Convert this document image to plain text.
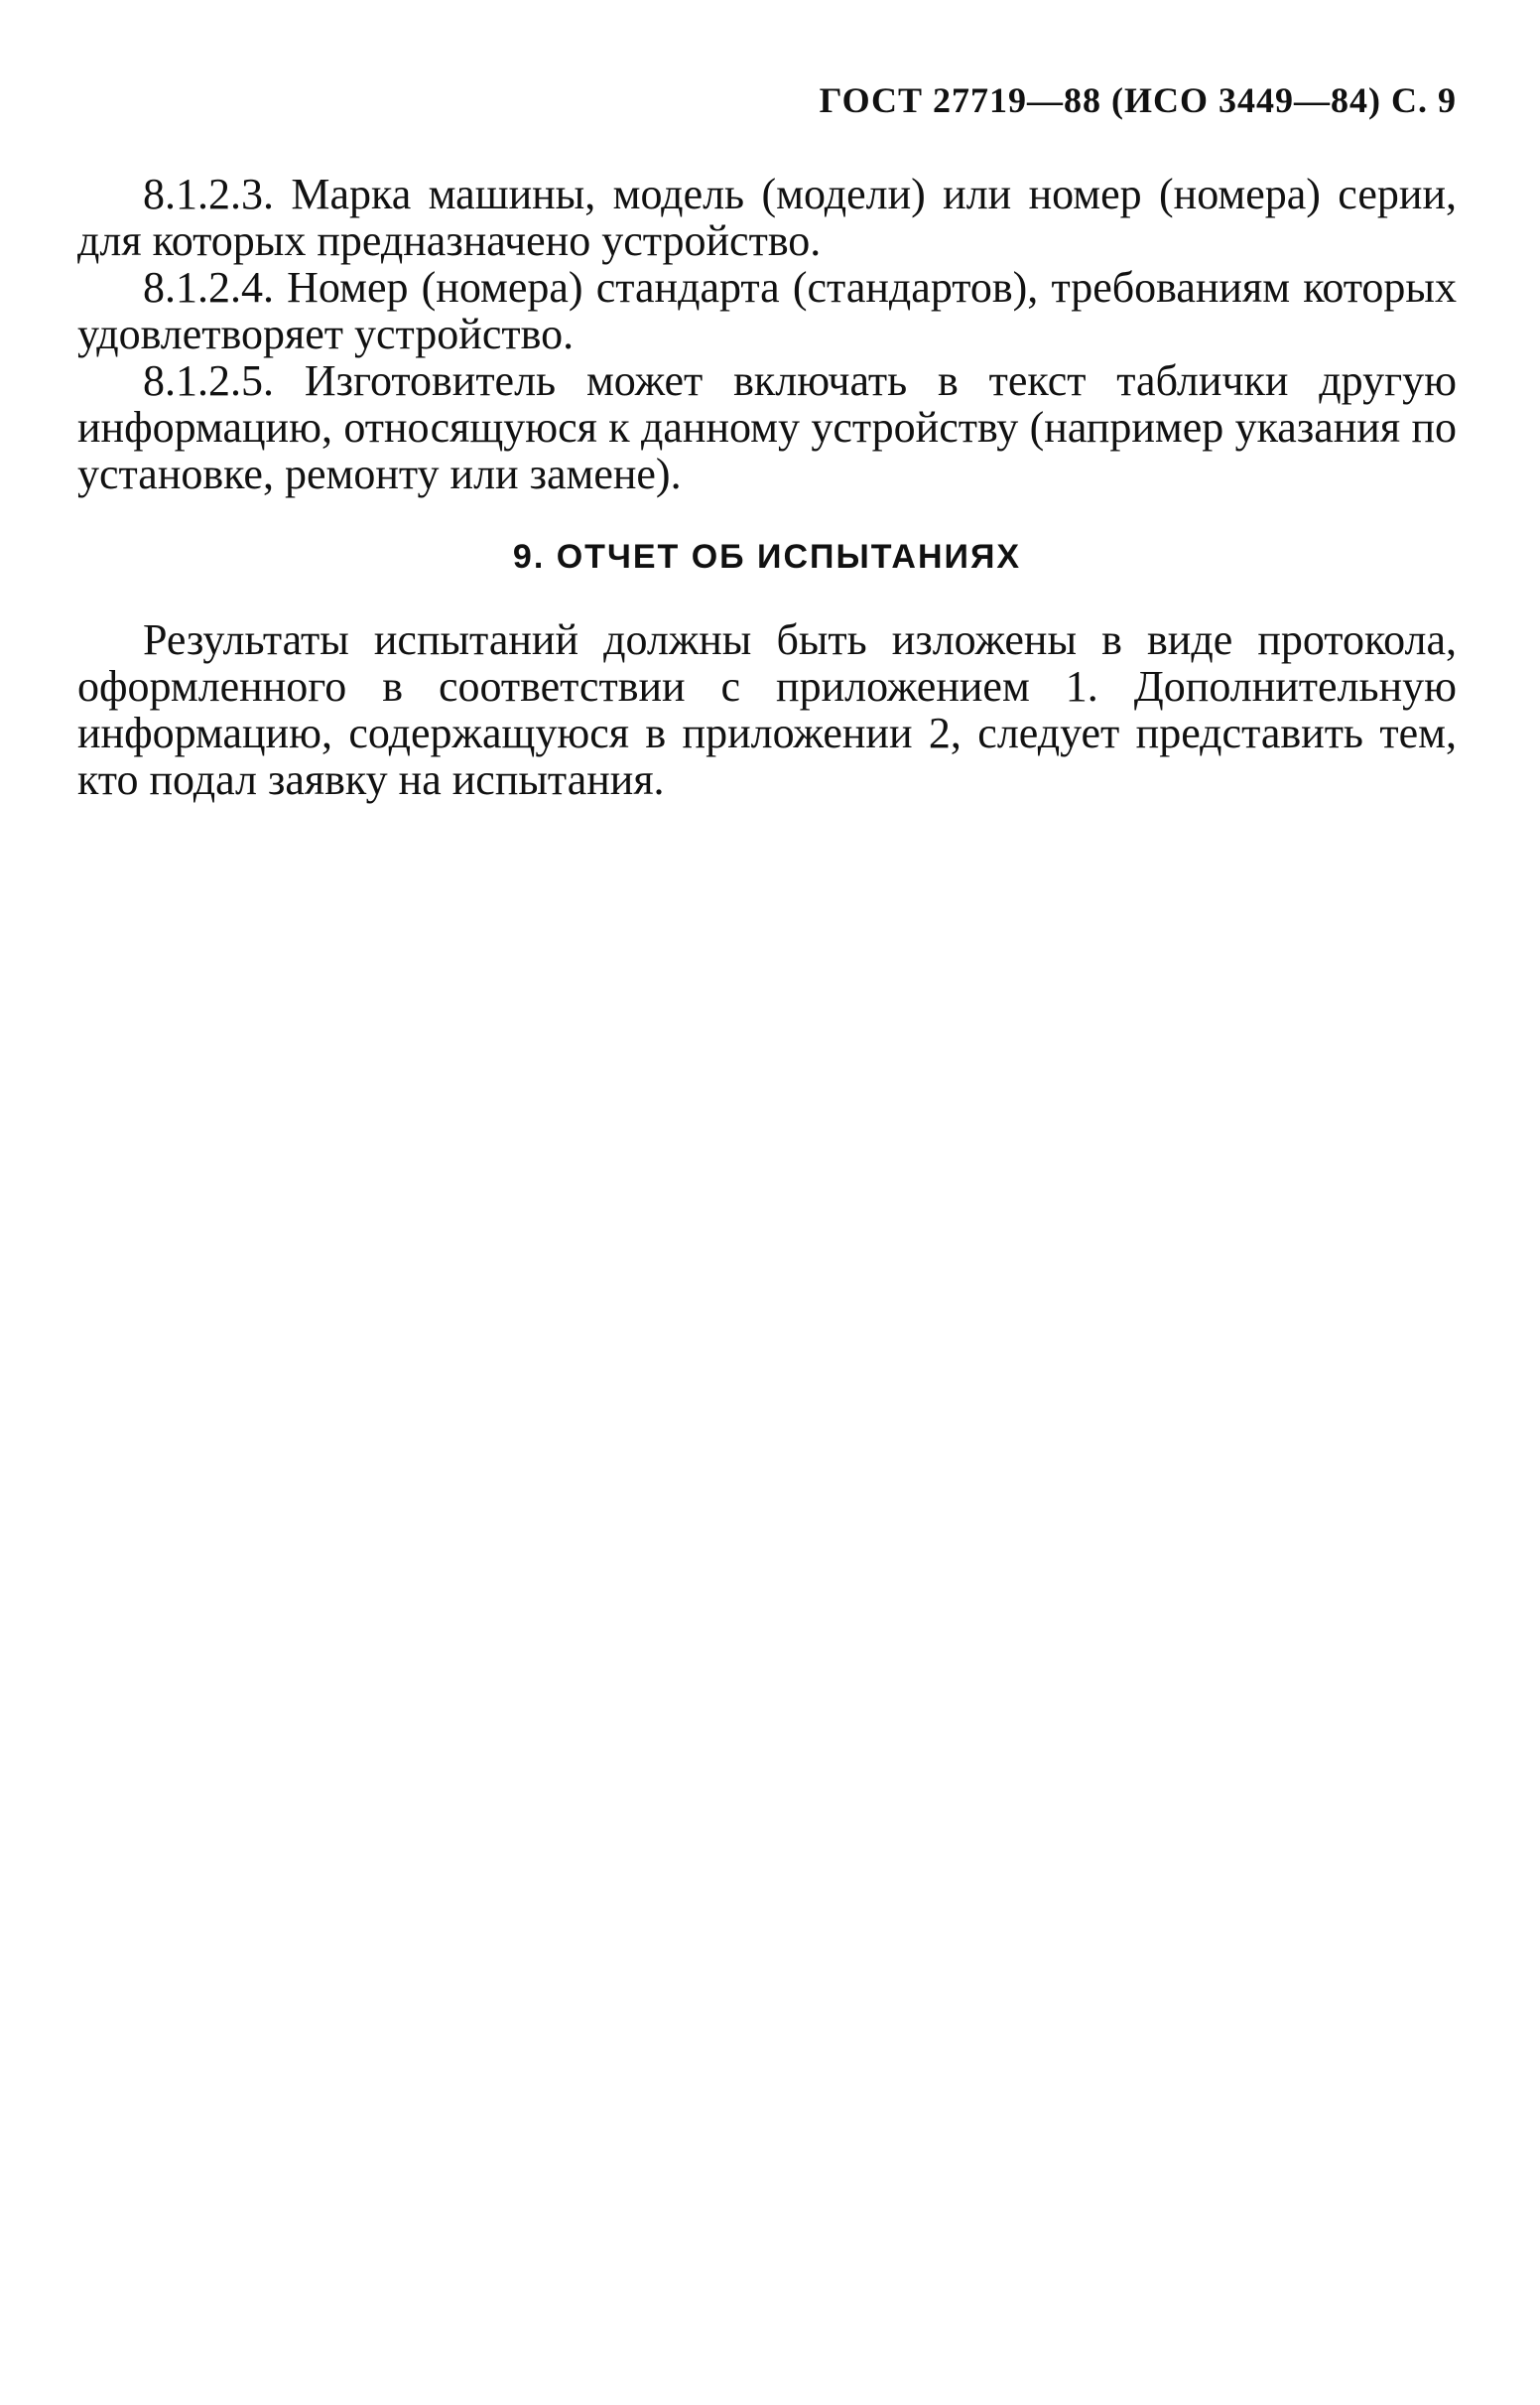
ГОСТ 27719—88 (ИСО 3449—84) С. 9

8.1.2.3. Марка машины, модель (модели) или номер (номера) серии, для которых предназначено устройство.

8.1.2.4. Номер (номера) стандарта (стандартов), требованиям которых удовлетворяет устройство.

8.1.2.5. Изготовитель может включать в текст таблички другую информацию, относящуюся к данному устройству (например указания по установке, ремонту или замене).

9. ОТЧЕТ ОБ ИСПЫТАНИЯХ

Результаты испытаний должны быть изложены в виде протокола, оформленного в соответствии с приложением 1. Дополнительную информацию, содержащуюся в приложении 2, следует представить тем, кто подал заявку на испытания.
